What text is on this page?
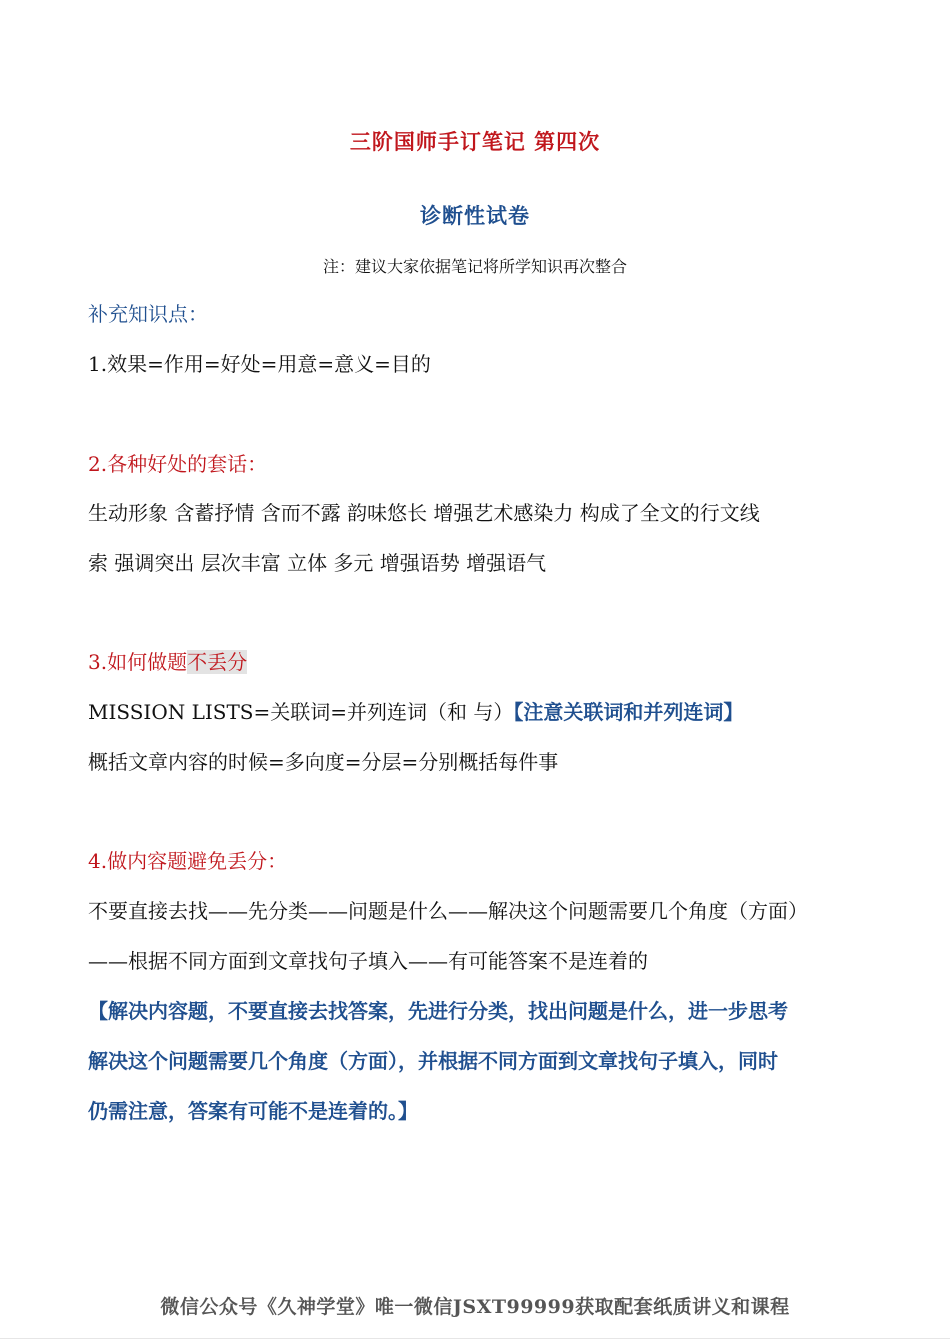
三阶国师手订笔记 第四次
诊断性试卷
注：建议大家依据笔记将所学知识再次整合
补充知识点：
1.效果=作用=好处=用意=意义=目的
2.各种好处的套话：
生动形象 含蓄抒情 含而不露 韵味悠长 增强艺术感染力 构成了全文的行文线
索 强调突出 层次丰富 立体 多元 增强语势 增强语气
3.如何做题不丢分
MISSION LISTS=关联词=并列连词（和 与）【注意关联词和并列连词】
概括文章内容的时候=多向度=分层=分别概括每件事
4.做内容题避免丢分：
不要直接去找——先分类——问题是什么——解决这个问题需要几个角度（方面）
——根据不同方面到文章找句子填入——有可能答案不是连着的
【解决内容题，不要直接去找答案，先进行分类，找出问题是什么，进一步思考
解决这个问题需要几个角度（方面），并根据不同方面到文章找句子填入，同时
仍需注意，答案有可能不是连着的。】
微信公众号《久神学堂》唯一微信JSXT99999获取配套纸质讲义和课程
